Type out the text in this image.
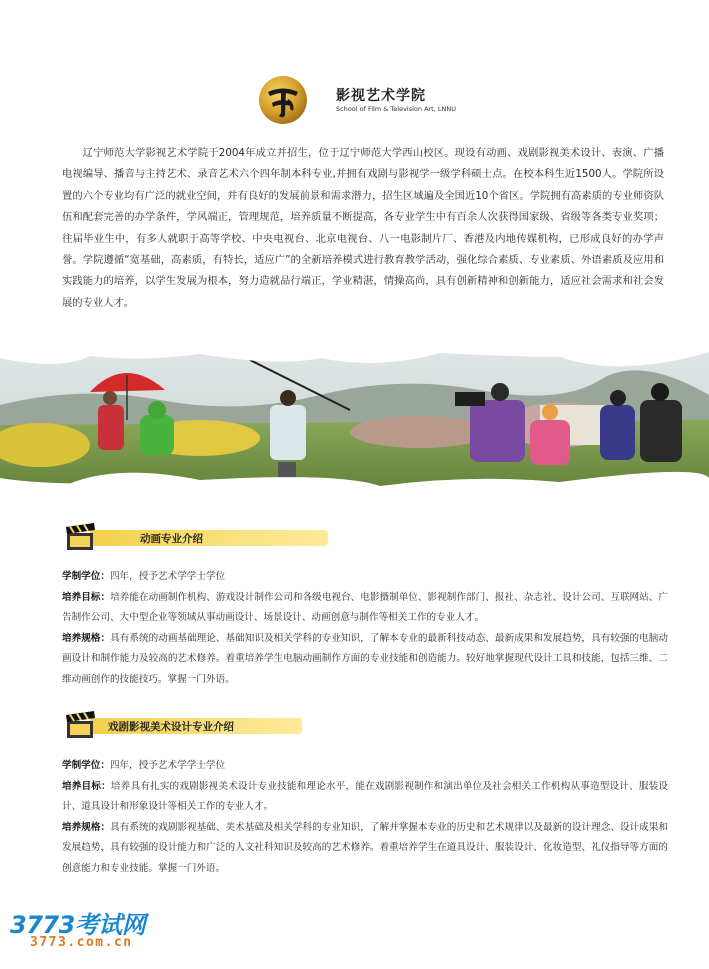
影视艺术学院
School of Film & Television Art, LNNU

辽宁师范大学影视艺术学院于2004年成立并招生，位于辽宁师范大学西山校区。现设有动画、戏剧影视美术设计、表演、广播电视编导、播音与主持艺术、录音艺术六个四年制本科专业,并拥有戏剧与影视学一级学科硕士点。在校本科生近1500人。学院所设置的六个专业均有广泛的就业空间，并有良好的发展前景和需求潜力，招生区域遍及全国近10个省区。学院拥有高素质的专业师资队伍和配套完善的办学条件，学风端正，管理规范，培养质量不断提高，各专业学生中有百余人次获得国家级、省级等各类专业奖项；往届毕业生中，有多人就职于高等学校、中央电视台、北京电视台、八一电影制片厂、香港及内地传媒机构，已形成良好的办学声誉。学院遵循“宽基础，高素质，有特长，适应广”的全新培养模式进行教育教学活动，强化综合素质、专业素质、外语素质及应用和实践能力的培养，以学生发展为根本，努力造就品行端正，学业精湛，情操高尚，具有创新精神和创新能力，适应社会需求和社会发展的专业人才。

动画专业介绍

学制学位：四年，授予艺术学学士学位

培养目标：培养能在动画制作机构、游戏设计制作公司和各级电视台、电影摄制单位、影视制作部门、报社、杂志社、设计公司、互联网站、广告制作公司、大中型企业等领域从事动画设计、场景设计、动画创意与制作等相关工作的专业人才。

培养规格：具有系统的动画基础理论、基础知识及相关学科的专业知识，了解本专业的最新科技动态、最新成果和发展趋势，具有较强的电脑动画设计和制作能力及较高的艺术修养。着重培养学生电脑动画制作方面的专业技能和创造能力。较好地掌握现代设计工具和技能，包括三维、二维动画创作的技能技巧。掌握一门外语。

戏剧影视美术设计专业介绍

学制学位：四年，授予艺术学学士学位

培养目标：培养具有扎实的戏剧影视美术设计专业技能和理论水平，能在戏剧影视制作和演出单位及社会相关工作机构从事造型设计、服装设计、道具设计和形象设计等相关工作的专业人才。

培养规格：具有系统的戏剧影视基础、美术基础及相关学科的专业知识，了解并掌握本专业的历史和艺术规律以及最新的设计理念、设计成果和发展趋势，具有较强的设计能力和广泛的人文社科知识及较高的艺术修养。着重培养学生在道具设计、服装设计、化妆造型、礼仪指导等方面的创意能力和专业技能。掌握一门外语。

3773考试网
3773.com.cn
